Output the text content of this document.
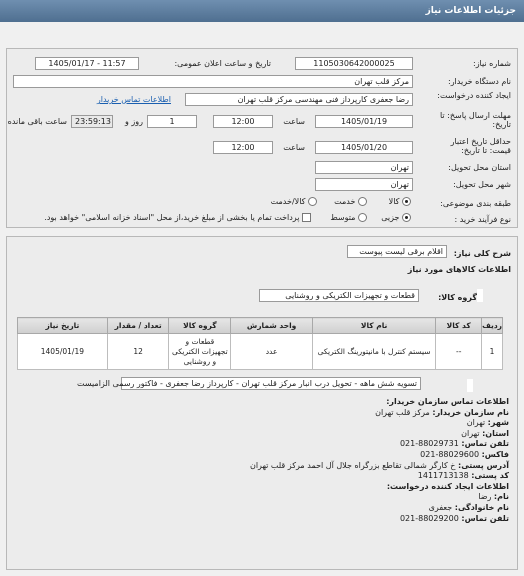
جزئیات اطلاعات نیاز
شماره نیاز:
1105030642000025
تاریخ و ساعت اعلان عمومی:
1405/01/17 - 11:57
نام دستگاه خریدار:
مرکز قلب تهران
ایجاد کننده درخواست:
رضا جعفری کارپرداز فنی مهندسی مرکز قلب تهران
اطلاعات تماس خریدار
مهلت ارسال پاسخ: تا تاریخ:
1405/01/19
ساعت
12:00
1
روز و
23:59:13
ساعت باقی مانده
حداقل تاریخ اعتبار قیمت: تا تاریخ:
1405/01/20
ساعت
12:00
استان محل تحویل:
تهران
شهر محل تحویل:
تهران
طبقه بندی موضوعی:
کالا
خدمت
کالا/خدمت
نوع فرآیند خرید :
جزیی
متوسط
پرداخت تمام یا بخشی از مبلغ خرید،از محل "اسناد خزانه اسلامی" خواهد بود.
شرح کلی نیاز:
اقلام برقی لیست پیوست
اطلاعات کالاهای مورد نیاز
گروه کالا:
قطعات و تجهیزات الکتریکی و روشنایی
ردیف	کد کالا	نام کالا	واحد شمارش	گروه کالا	تعداد / مقدار	تاریخ نیاز
1	--	سیستم کنترل با مانیتورینگ الکتریکی	عدد	قطعات و تجهیزات الکتریکی و روشنایی	12	1405/01/19
تسویه شش ماهه - تحویل درب انبار مرکز قلب تهران - کارپرداز رضا جعفری - فاکتور رسمی الزامیست
اطلاعات تماس سازمان خریدار:
نام سازمان خریدار: مرکز قلب تهران
شهر: تهران
استان: تهران
تلفن تماس: 88029731-021
فاکس: 88029600-021
آدرس پستی: خ کارگر شمالی تقاطع بزرگراه جلال آل احمد مرکز قلب تهران
کد پستی: 1411713138
اطلاعات ایجاد کننده درخواست:
نام: رضا
نام خانوادگی: جعفری
تلفن تماس: 88029200-021
